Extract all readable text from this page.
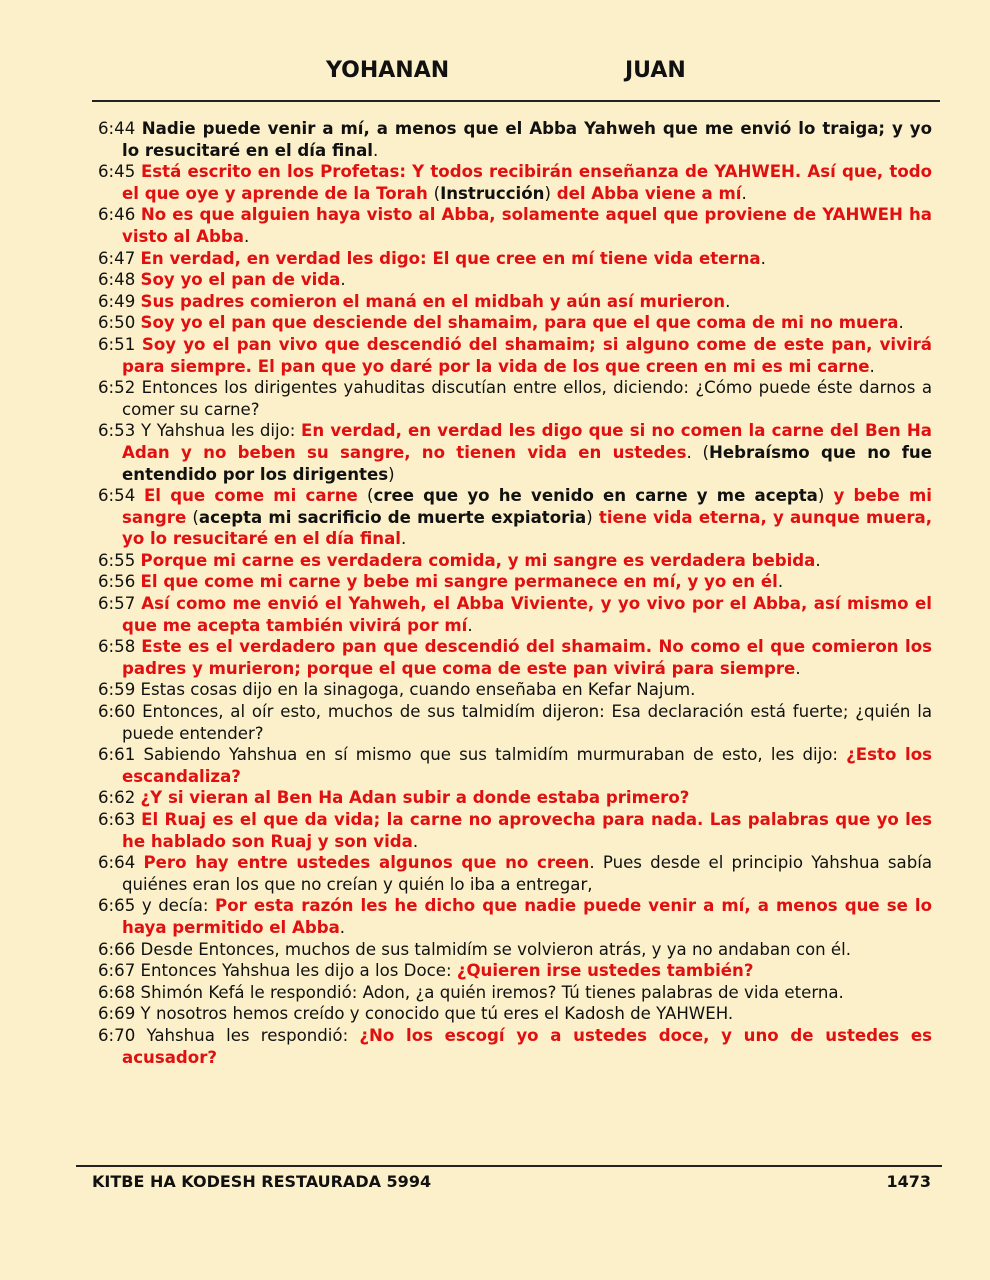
YOHANAN	JUAN

6:44 Nadie puede venir a mí, a menos que el Abba Yahweh que me envió lo traiga; y yo lo resucitaré en el día final.

6:45 Está escrito en los Profetas: Y todos recibirán enseñanza de YAHWEH. Así que, todo el que oye y aprende de la Torah (Instrucción) del Abba viene a mí.

6:46 No es que alguien haya visto al Abba, solamente aquel que proviene de YAHWEH ha visto al Abba.

6:47 En verdad, en verdad les digo: El que cree en mí tiene vida eterna.

6:48 Soy yo el pan de vida.

6:49 Sus padres comieron el maná en el midbah y aún así murieron.

6:50 Soy yo el pan que desciende del shamaim, para que el que coma de mi no muera.

6:51 Soy yo el pan vivo que descendió del shamaim; si alguno come de este pan, vivirá para siempre. El pan que yo daré por la vida de los que creen en mi es mi carne.

6:52 Entonces los dirigentes yahuditas discutían entre ellos, diciendo: ¿Cómo puede éste darnos a comer su carne?

6:53 Y Yahshua les dijo: En verdad, en verdad les digo que si no comen la carne del Ben Ha Adan y no beben su sangre, no tienen vida en ustedes. (Hebraísmo que no fue entendido por los dirigentes)

6:54 El que come mi carne (cree que yo he venido en carne y me acepta) y bebe mi sangre (acepta mi sacrificio de muerte expiatoria) tiene vida eterna, y aunque muera, yo lo resucitaré en el día final.

6:55 Porque mi carne es verdadera comida, y mi sangre es verdadera bebida.

6:56 El que come mi carne y bebe mi sangre permanece en mí, y yo en él.

6:57 Así como me envió el Yahweh, el Abba Viviente, y yo vivo por el Abba, así mismo el que me acepta también vivirá por mí.

6:58 Este es el verdadero pan que descendió del shamaim. No como el que comieron los padres y murieron; porque el que coma de este pan vivirá para siempre.

6:59 Estas cosas dijo en la sinagoga, cuando enseñaba en Kefar Najum.

6:60 Entonces, al oír esto, muchos de sus talmidím dijeron: Esa declaración está fuerte; ¿quién la puede entender?

6:61 Sabiendo Yahshua en sí mismo que sus talmidím murmuraban de esto, les dijo: ¿Esto los escandaliza?

6:62 ¿Y si vieran al Ben Ha Adan subir a donde estaba primero?

6:63 El Ruaj es el que da vida; la carne no aprovecha para nada. Las palabras que yo les he hablado son Ruaj y son vida.

6:64 Pero hay entre ustedes algunos que no creen. Pues desde el principio Yahshua sabía quiénes eran los que no creían y quién lo iba a entregar,

6:65 y decía: Por esta razón les he dicho que nadie puede venir a mí, a menos que se lo haya permitido el Abba.

6:66 Desde Entonces, muchos de sus talmidím se volvieron atrás, y ya no andaban con él.

6:67 Entonces Yahshua les dijo a los Doce: ¿Quieren irse ustedes también?

6:68 Shimón Kefá le respondió: Adon, ¿a quién iremos? Tú tienes palabras de vida eterna.

6:69 Y nosotros hemos creído y conocido que tú eres el Kadosh de YAHWEH.

6:70 Yahshua les respondió: ¿No los escogí yo a ustedes doce, y uno de ustedes es acusador?

KITBE HA KODESH RESTAURADA 5994	1473
